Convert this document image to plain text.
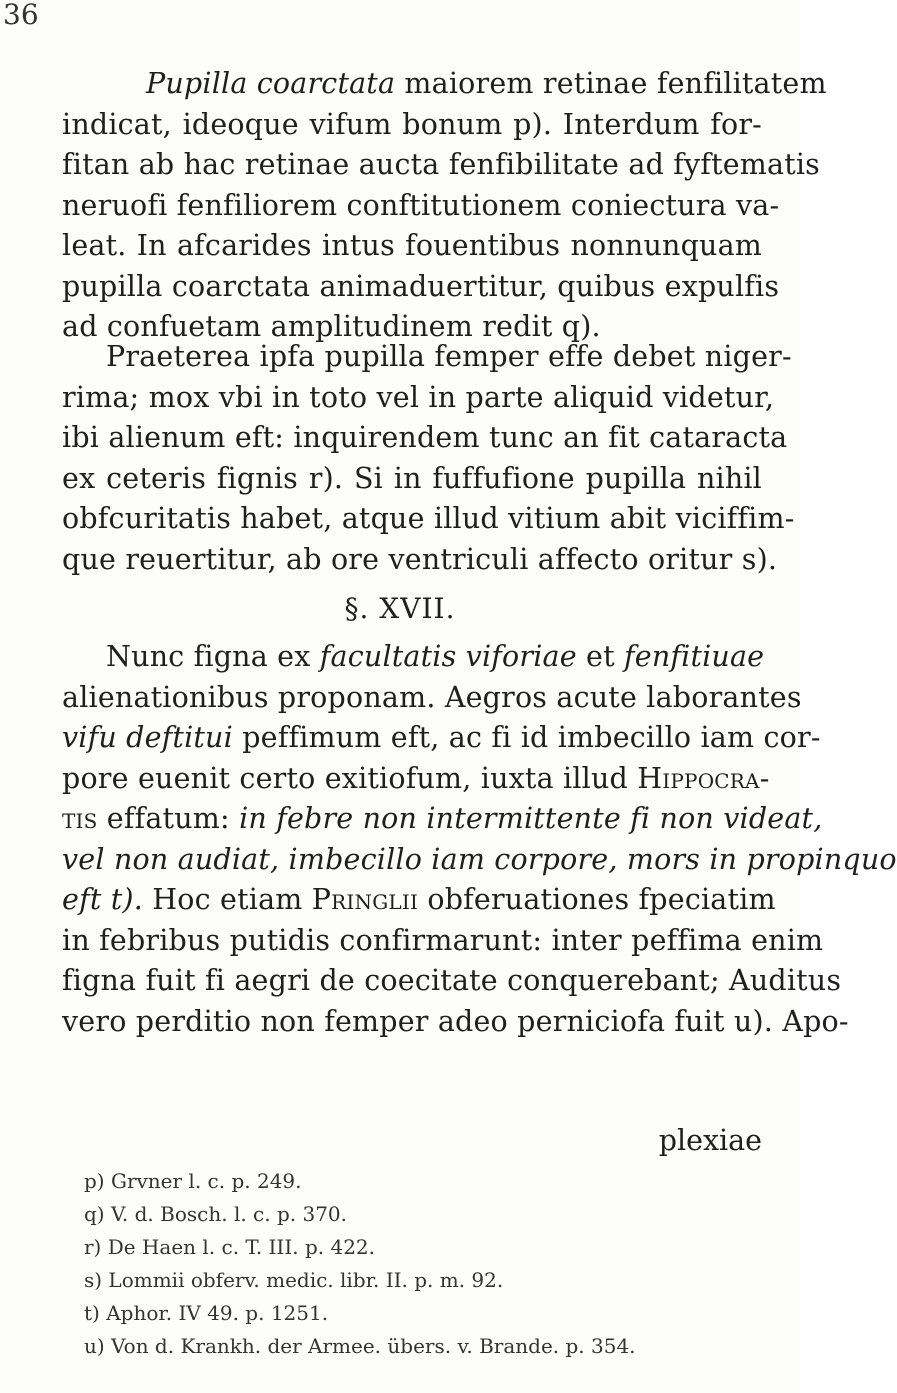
36
Pupilla coarctata maiorem retinae fenfilitatem
indicat, ideoque vifum bonum p). Interdum for-
fitan ab hac retinae aucta fenfibilitate ad fyftematis
neruofi fenfiliorem conftitutionem coniectura va-
leat. In afcarides intus fouentibus nonnunquam
pupilla coarctata animaduertitur, quibus expulfis
ad confuetam amplitudinem redit q).
Praeterea ipfa pupilla femper effe debet niger-
rima; mox vbi in toto vel in parte aliquid videtur,
ibi alienum eft: inquirendem tunc an fit cataracta
ex ceteris fignis r). Si in fuffufione pupilla nihil
obfcuritatis habet, atque illud vitium abit viciffim-
que reuertitur, ab ore ventriculi affecto oritur s).
§. XVII.
Nunc figna ex facultatis viforiae et fenfitiuae
alienationibus proponam. Aegros acute laborantes
vifu deftitui peffimum eft, ac fi id imbecillo iam cor-
pore euenit certo exitiofum, iuxta illud Hippocra-
tis effatum: in febre non intermittente fi non videat,
vel non audiat, imbecillo iam corpore, mors in propinquo
eft t). Hoc etiam Pringlii obferuationes fpeciatim
in febribus putidis confirmarunt: inter peffima enim
figna fuit fi aegri de coecitate conquerebant; Auditus
vero perditio non femper adeo perniciofa fuit u). Apo-
plexiae
p) Grvner l. c. p. 249.
q) V. d. Bosch. l. c. p. 370.
r) De Haen l. c. T. III. p. 422.
s) Lommii obferv. medic. libr. II. p. m. 92.
t) Aphor. IV 49. p. 1251.
u) Von d. Krankh. der Armee. übers. v. Brande. p. 354.
